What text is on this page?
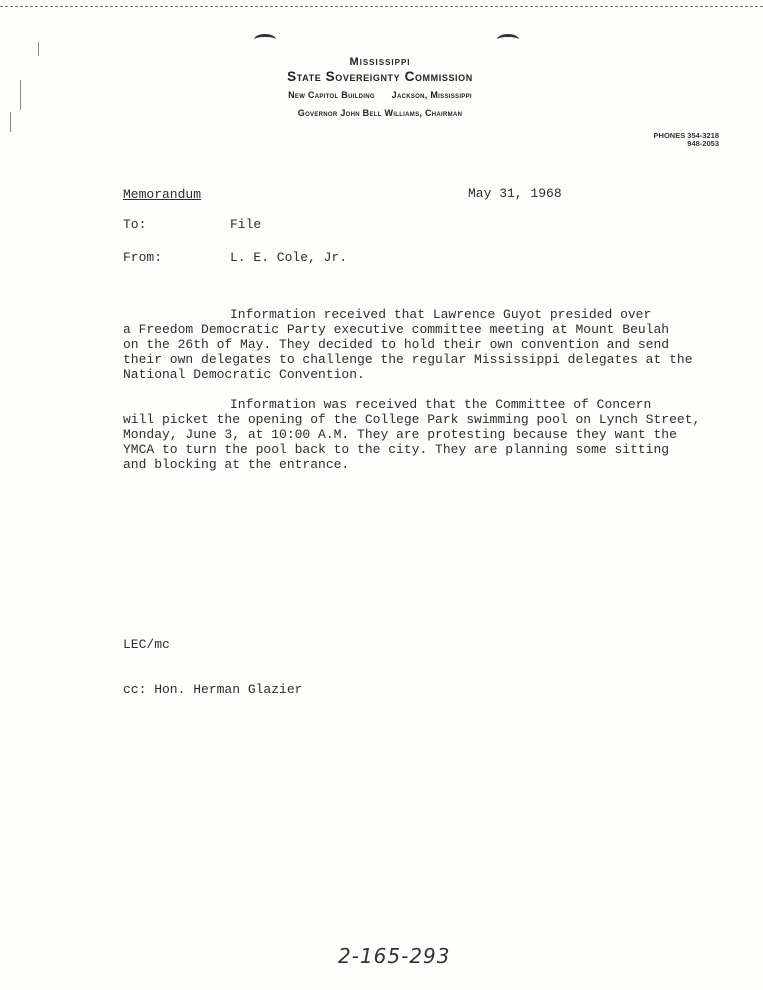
Mississippi
State Sovereignty Commission
New Capitol Building Jackson, Mississippi
Governor John Bell Williams, Chairman
PHONES 354-3218
948-2053
Memorandum	May 31, 1968
To:	File
From:	L. E. Cole, Jr.
Information received that Lawrence Guyot presided over
a Freedom Democratic Party executive committee meeting at Mount Beulah
on the 26th of May. They decided to hold their own convention and send
their own delegates to challenge the regular Mississippi delegates at the
National Democratic Convention.
Information was received that the Committee of Concern
will picket the opening of the College Park swimming pool on Lynch Street,
Monday, June 3, at 10:00 A.M. They are protesting because they want the
YMCA to turn the pool back to the city. They are planning some sitting
and blocking at the entrance.
LEC/mc
cc: Hon. Herman Glazier
2-165-293
